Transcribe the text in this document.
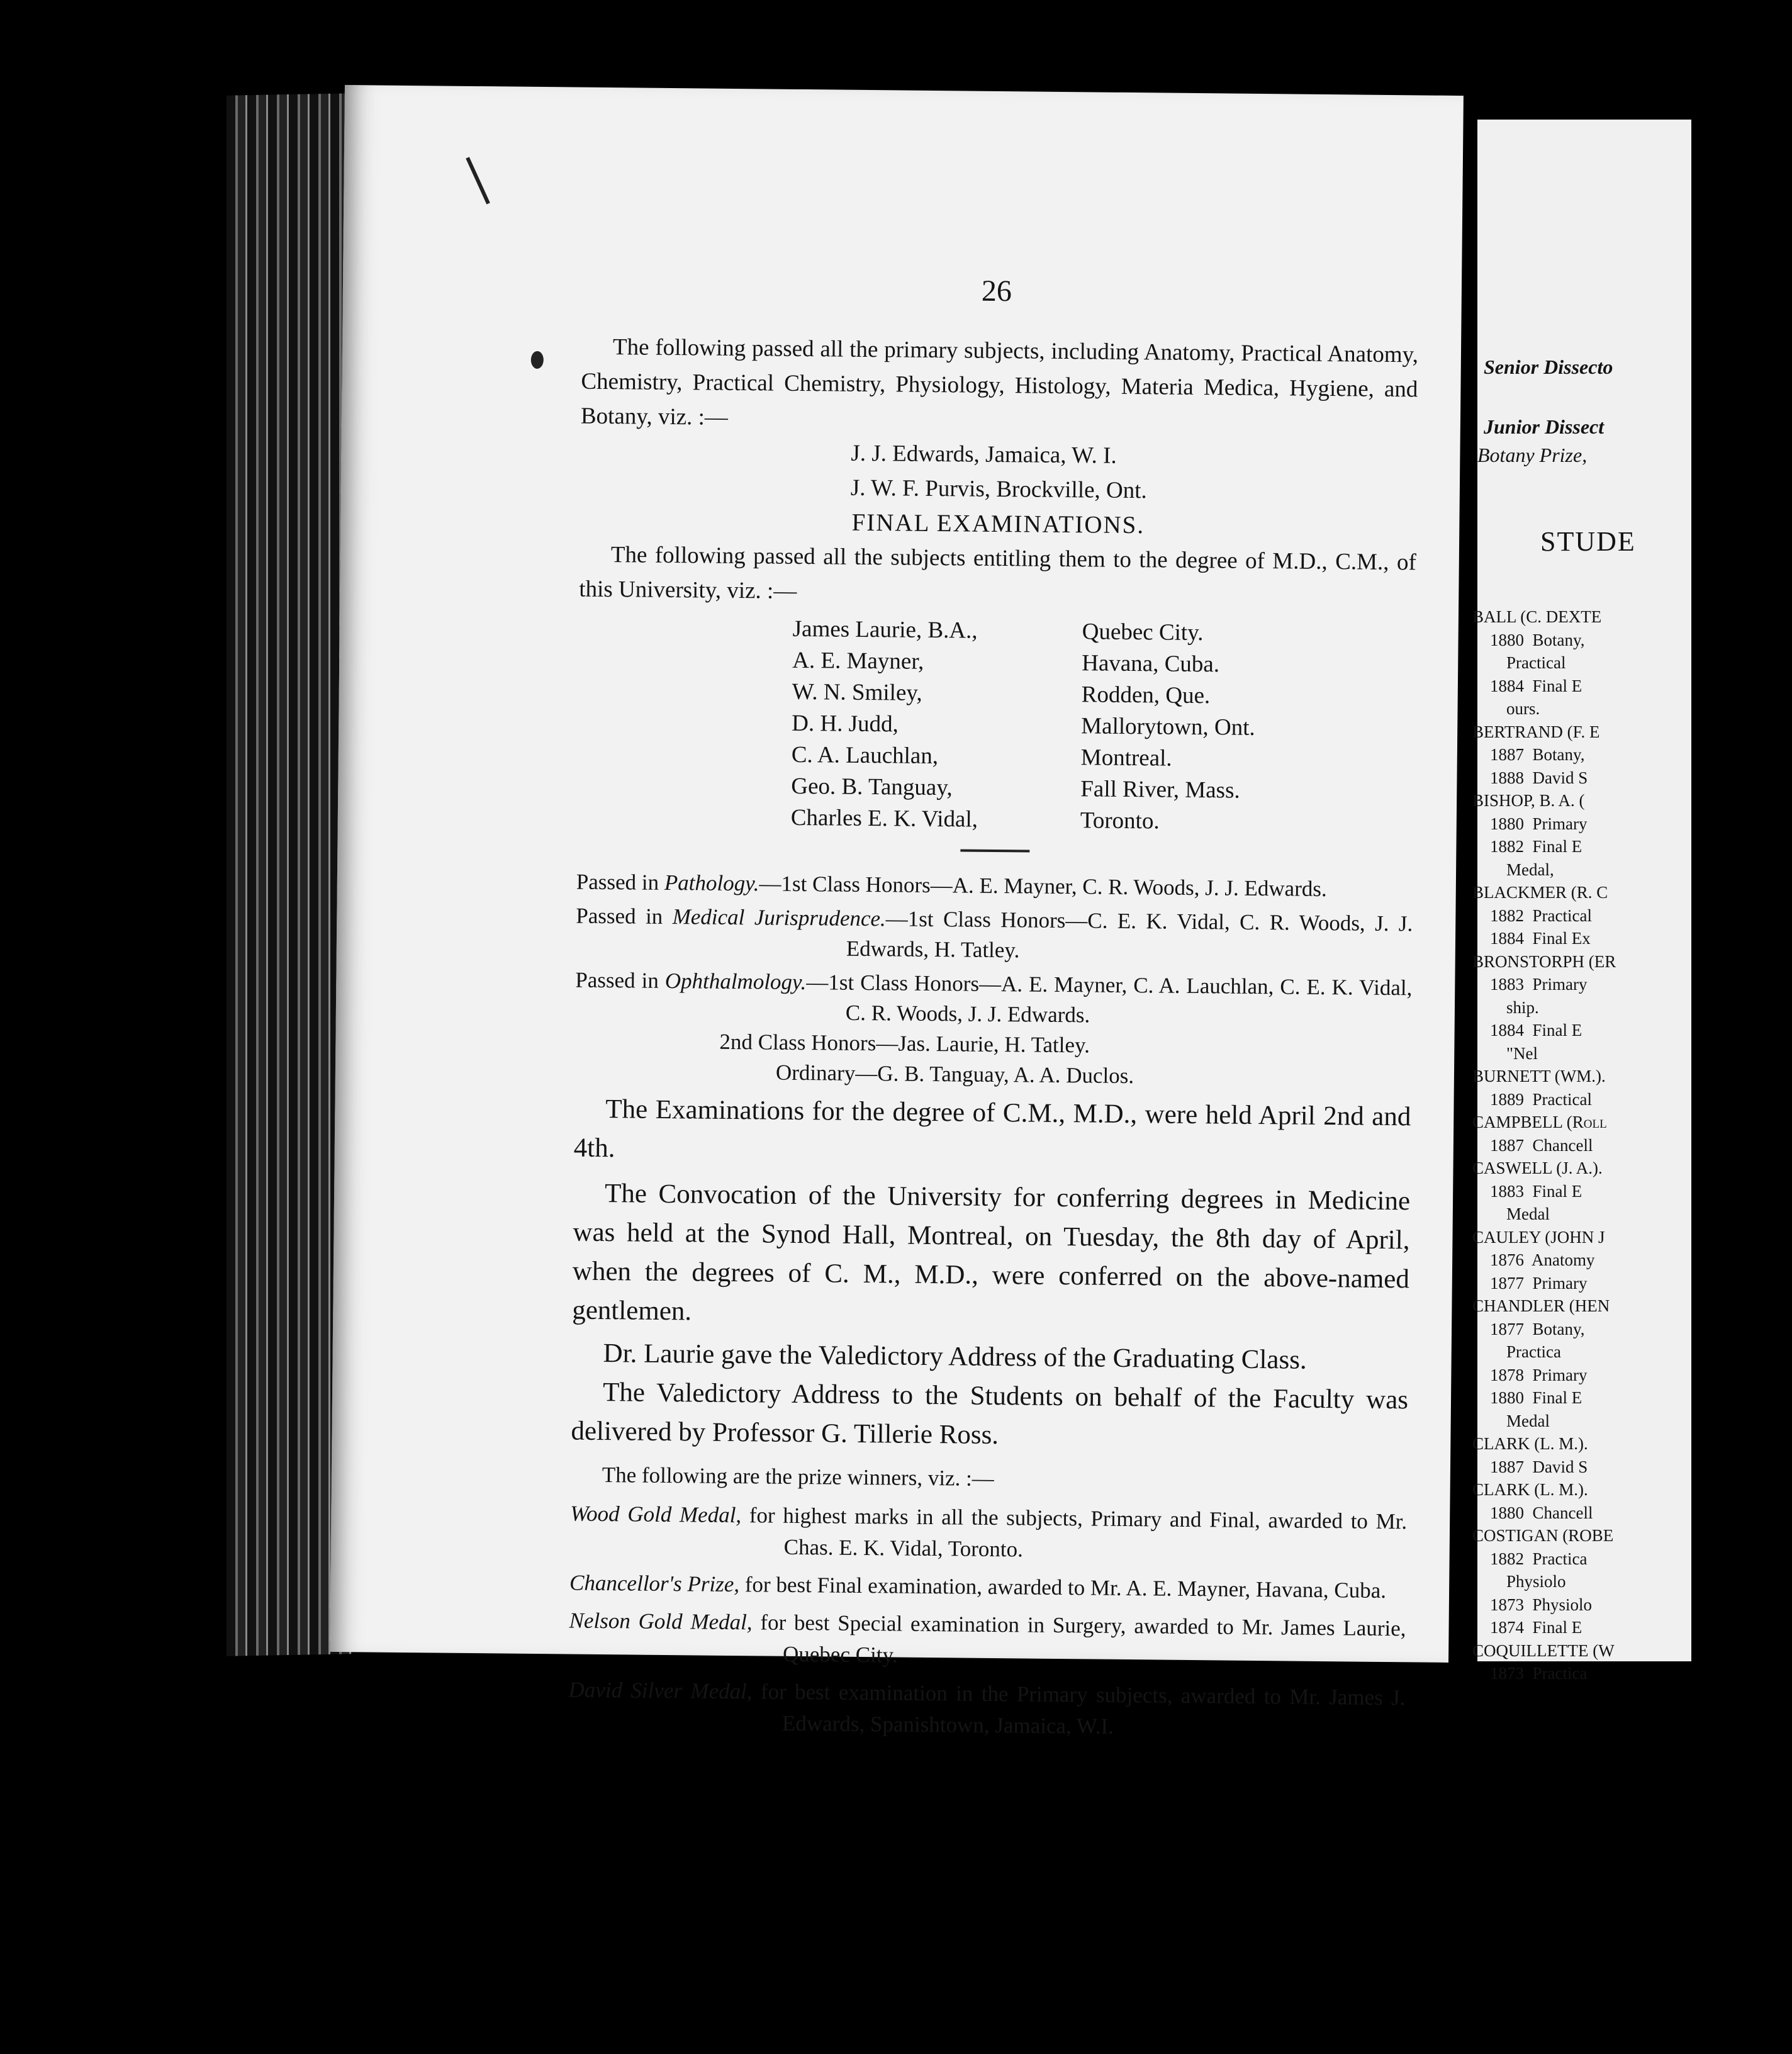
26
The following passed all the primary subjects, including Anatomy, Practical Anatomy, Chemistry, Practical Chemistry, Physiology, Histology, Materia Medica, Hygiene, and Botany, viz. :—
J. J. Edwards, Jamaica, W. I.
J. W. F. Purvis, Brockville, Ont.
FINAL EXAMINATIONS.
The following passed all the subjects entitling them to the degree of M.D., C.M., of this University, viz. :—
James Laurie, B.A.,	Quebec City.
A. E. Mayner,	Havana, Cuba.
W. N. Smiley,	Rodden, Que.
D. H. Judd,	Mallorytown, Ont.
C. A. Lauchlan,	Montreal.
Geo. B. Tanguay,	Fall River, Mass.
Charles E. K. Vidal,	Toronto.
Passed in Pathology.—1st Class Honors—A. E. Mayner, C. R. Woods, J. J. Edwards.
Passed in Medical Jurisprudence.—1st Class Honors—C. E. K. Vidal, C. R. Woods, J. J. Edwards, H. Tatley.
Passed in Ophthalmology.—1st Class Honors—A. E. Mayner, C. A. Lauchlan, C. E. K. Vidal, C. R. Woods, J. J. Edwards.
2nd Class Honors—Jas. Laurie, H. Tatley.
Ordinary—G. B. Tanguay, A. A. Duclos.
The Examinations for the degree of C.M., M.D., were held April 2nd and 4th.
The Convocation of the University for conferring degrees in Medicine was held at the Synod Hall, Montreal, on Tuesday, the 8th day of April, when the degrees of C. M., M.D., were conferred on the above-named gentlemen.
Dr. Laurie gave the Valedictory Address of the Graduating Class.
The Valedictory Address to the Students on behalf of the Faculty was delivered by Professor G. Tillerie Ross.
The following are the prize winners, viz. :—
Wood Gold Medal, for highest marks in all the subjects, Primary and Final, awarded to Mr. Chas. E. K. Vidal, Toronto.
Chancellor's Prize, for best Final examination, awarded to Mr. A. E. Mayner, Havana, Cuba.
Nelson Gold Medal, for best Special examination in Surgery, awarded to Mr. James Laurie, Quebec City.
David Silver Medal, for best examination in the Primary subjects, awarded to Mr. James J. Edwards, Spanishtown, Jamaica, W.I.
Senior Dissecto
Junior Dissect
Botany Prize,
STUDE
BALL (C. DEXTE
1880  Botany,
Practical
1884  Final E
ours.
BERTRAND (F. E
1887  Botany,
1888  David S
BISHOP, B. A. (
1880  Primary
1882  Final E
Medal,
BLACKMER (R. C
1882  Practical
1884  Final Ex
BRONSTORPH (ER
1883  Primary
ship.
1884  Final E
"Nel
BURNETT (WM.).
1889  Practical
CAMPBELL (Roll
1887  Chancell
CASWELL (J. A.).
1883  Final E
Medal
CAULEY (JOHN J
1876  Anatomy
1877  Primary
CHANDLER (HEN
1877  Botany,
Practica
1878  Primary
1880  Final E
Medal
CLARK (L. M.).
1887  David S
CLARK (L. M.).
1880  Chancell
COSTIGAN (ROBE
1882  Practica
Physiolo
1873  Physiolo
1874  Final E
COQUILLETTE (W
1873  Practica
